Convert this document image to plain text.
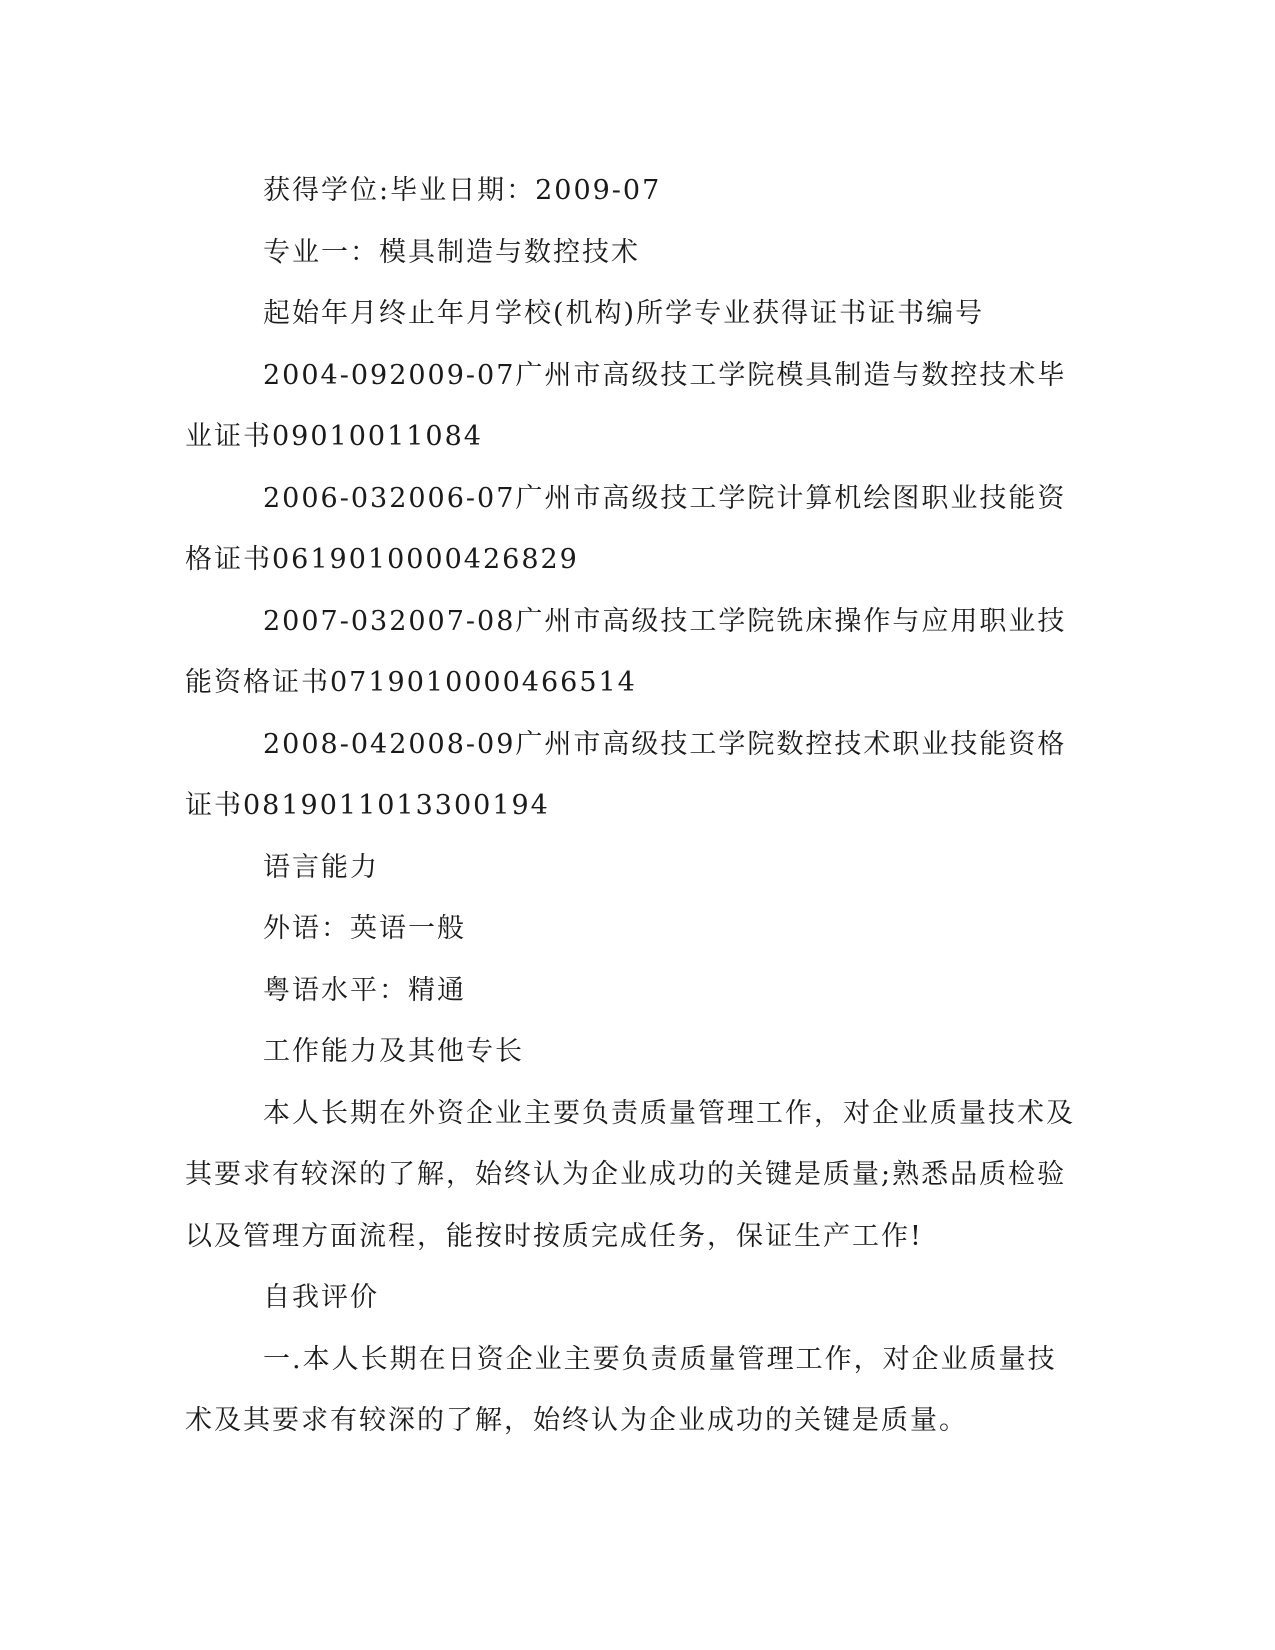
获得学位:毕业日期：2009-07

专业一：模具制造与数控技术

起始年月终止年月学校(机构)所学专业获得证书证书编号

2004-092009-07广州市高级技工学院模具制造与数控技术毕业证书09010011084

2006-032006-07广州市高级技工学院计算机绘图职业技能资格证书0619010000426829

2007-032007-08广州市高级技工学院铣床操作与应用职业技能资格证书0719010000466514

2008-042008-09广州市高级技工学院数控技术职业技能资格证书0819011013300194

语言能力

外语：英语一般

粤语水平：精通

工作能力及其他专长

本人长期在外资企业主要负责质量管理工作，对企业质量技术及其要求有较深的了解，始终认为企业成功的关键是质量;熟悉品质检验以及管理方面流程，能按时按质完成任务，保证生产工作!

自我评价

一.本人长期在日资企业主要负责质量管理工作，对企业质量技术及其要求有较深的了解，始终认为企业成功的关键是质量。
